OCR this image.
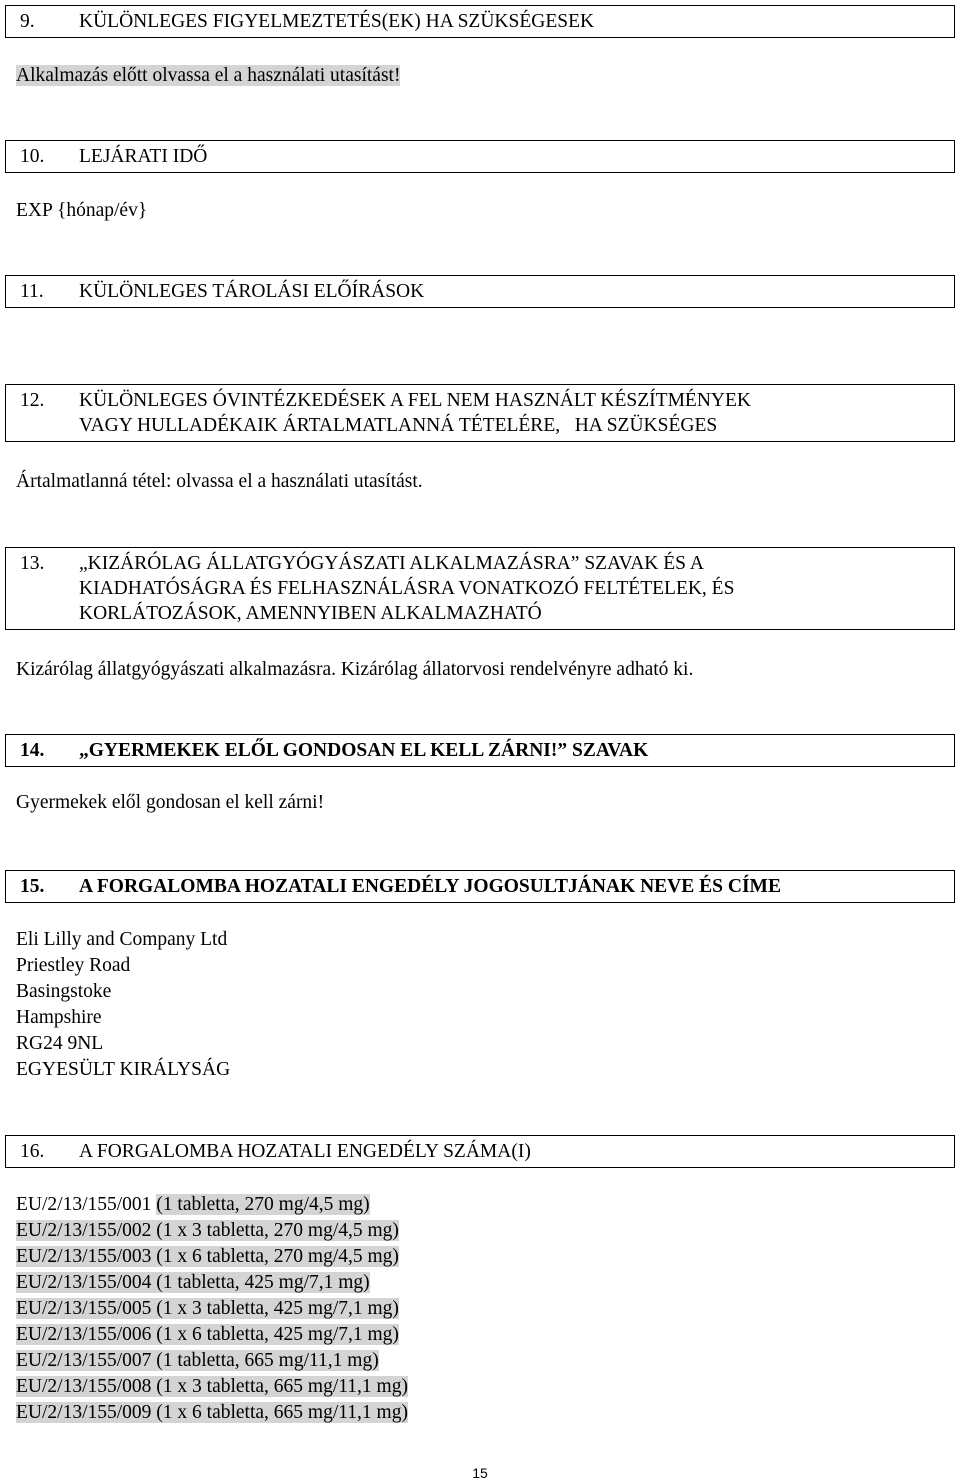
9.	KÜLÖNLEGES FIGYELMEZTETÉS(EK) HA SZÜKSÉGESEK
Alkalmazás előtt olvassa el a használati utasítást!
10.	LEJÁRATI IDŐ
EXP {hónap/év}
11.	KÜLÖNLEGES TÁROLÁSI ELŐÍRÁSOK
12.	KÜLÖNLEGES ÓVINTÉZKEDÉSEK A FEL NEM HASZNÁLT KÉSZÍTMÉNYEK
VAGY HULLADÉKAIK ÁRTALMATLANNÁ TÉTELÉRE,   HA SZÜKSÉGES
Ártalmatlanná tétel: olvassa el a használati utasítást.
13.	„KIZÁRÓLAG ÁLLATGYÓGYÁSZATI ALKALMAZÁSRA” SZAVAK ÉS A
KIADHATÓSÁGRA ÉS FELHASZNÁLÁSRA VONATKOZÓ FELTÉTELEK, ÉS
KORLÁTOZÁSOK, AMENNYIBEN ALKALMAZHATÓ
Kizárólag állatgyógyászati alkalmazásra. Kizárólag állatorvosi rendelvényre adható ki.
14.	„GYERMEKEK ELŐL GONDOSAN EL KELL ZÁRNI!” SZAVAK
Gyermekek elől gondosan el kell zárni!
15.	A FORGALOMBA HOZATALI ENGEDÉLY JOGOSULTJÁNAK NEVE ÉS CÍME
Eli Lilly and Company Ltd
Priestley Road
Basingstoke
Hampshire
RG24 9NL
EGYESÜLT KIRÁLYSÁG
16.	A FORGALOMBA HOZATALI ENGEDÉLY SZÁMA(I)
EU/2/13/155/001 (1 tabletta, 270 mg/4,5 mg)
EU/2/13/155/002 (1 x 3 tabletta, 270 mg/4,5 mg)
EU/2/13/155/003 (1 x 6 tabletta, 270 mg/4,5 mg)
EU/2/13/155/004 (1 tabletta, 425 mg/7,1 mg)
EU/2/13/155/005 (1 x 3 tabletta, 425 mg/7,1 mg)
EU/2/13/155/006 (1 x 6 tabletta, 425 mg/7,1 mg)
EU/2/13/155/007 (1 tabletta, 665 mg/11,1 mg)
EU/2/13/155/008 (1 x 3 tabletta, 665 mg/11,1 mg)
EU/2/13/155/009 (1 x 6 tabletta, 665 mg/11,1 mg)
15
